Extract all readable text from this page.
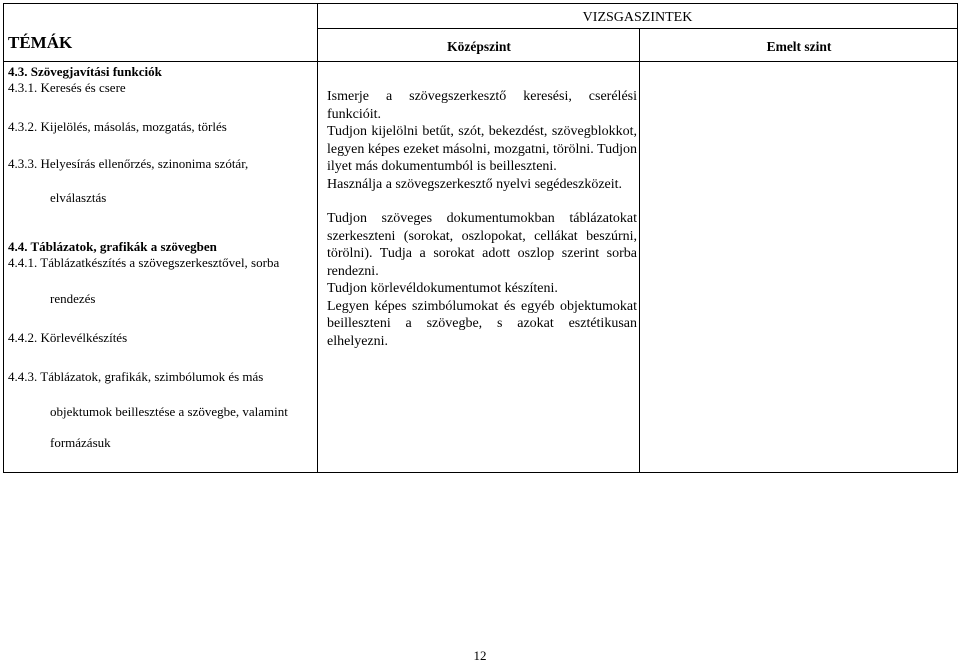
VIZSGASZINTEK
TÉMÁK	Középszint	Emelt szint
4.3. Szövegjavítási funkciók
4.3.1. Keresés és csere
4.3.2. Kijelölés, másolás, mozgatás, törlés
4.3.3. Helyesírás ellenőrzés, szinonima szótár,
elválasztás
4.4. Táblázatok, grafikák a szövegben
4.4.1. Táblázatkészítés a szövegszerkesztővel, sorba
rendezés
4.4.2. Körlevélkészítés
4.4.3. Táblázatok, grafikák, szimbólumok és más
objektumok beillesztése a szövegbe, valamint
formázásuk

Ismerje a szövegszerkesztő keresési, cserélési funkcióit.

Tudjon kijelölni betűt, szót, bekezdést, szövegblokkot, legyen képes ezeket másolni, mozgatni, törölni. Tudjon ilyet más dokumentumból is beilleszteni.

Használja a szövegszerkesztő nyelvi segédeszközeit.

Tudjon szöveges dokumentumokban táblázatokat szerkeszteni (sorokat, oszlopokat, cellákat beszúrni, törölni). Tudja a sorokat adott oszlop szerint sorba rendezni.

Tudjon körlevéldokumentumot készíteni.

Legyen képes szimbólumokat és egyéb objektumokat beilleszteni a szövegbe, s azokat esztétikusan elhelyezni.

12
